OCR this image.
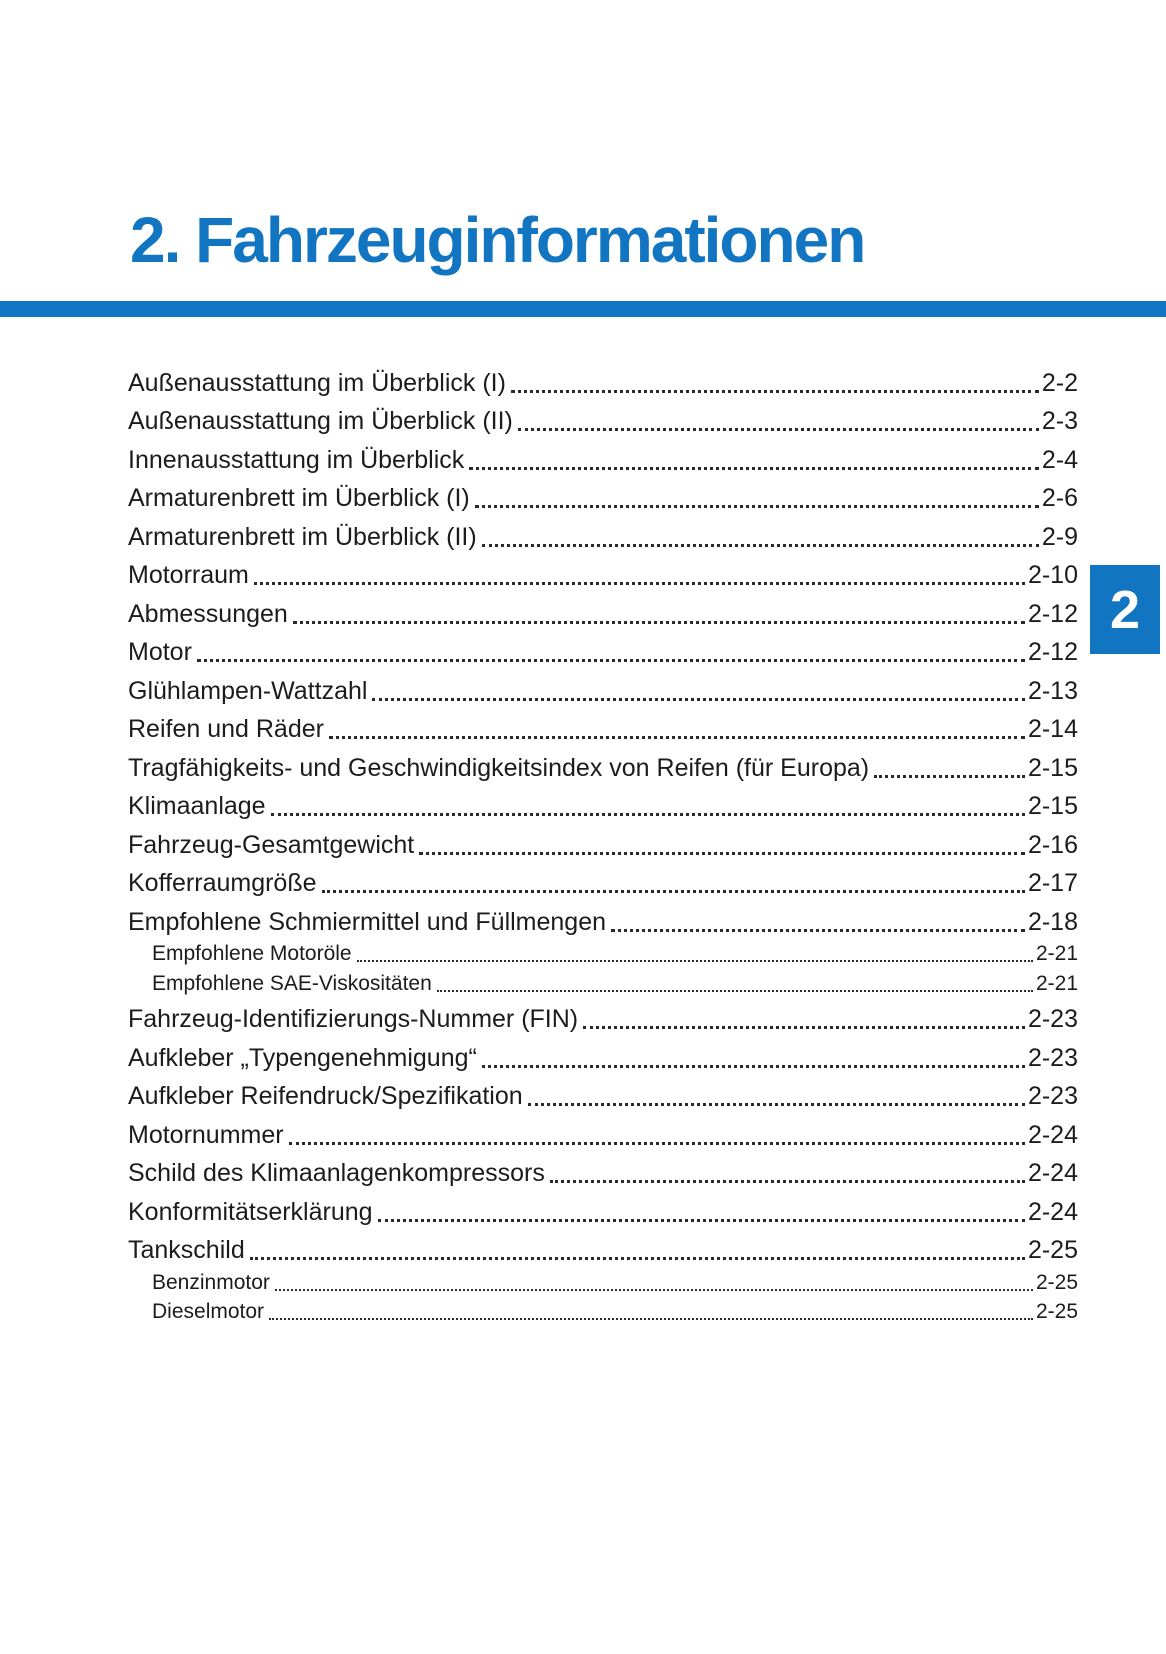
2. Fahrzeuginformationen
Außenausstattung im Überblick (I)	2-2
Außenausstattung im Überblick (II)	2-3
Innenausstattung im Überblick	2-4
Armaturenbrett im Überblick (I)	2-6
Armaturenbrett im Überblick (II)	2-9
Motorraum	2-10
Abmessungen	2-12
Motor	2-12
Glühlampen-Wattzahl	2-13
Reifen und Räder	2-14
Tragfähigkeits- und Geschwindigkeitsindex von Reifen (für Europa)	2-15
Klimaanlage	2-15
Fahrzeug-Gesamtgewicht	2-16
Kofferraumgröße	2-17
Empfohlene Schmiermittel und Füllmengen	2-18
Empfohlene Motoröle	2-21
Empfohlene SAE-Viskositäten	2-21
Fahrzeug-Identifizierungs-Nummer (FIN)	2-23
Aufkleber „Typengenehmigung“	2-23
Aufkleber Reifendruck/Spezifikation	2-23
Motornummer	2-24
Schild des Klimaanlagenkompressors	2-24
Konformitätserklärung	2-24
Tankschild	2-25
Benzinmotor	2-25
Dieselmotor	2-25
2
